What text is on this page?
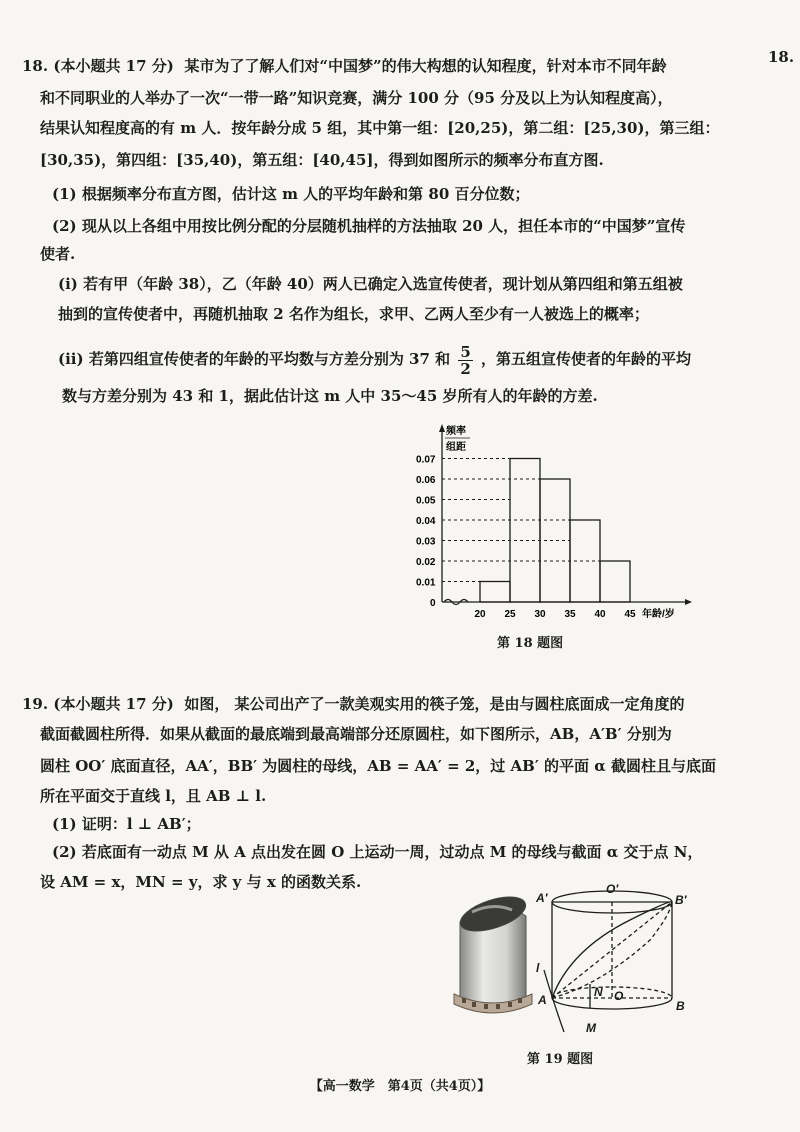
18.
18. (本小题共 17 分) 某市为了了解人们对“中国梦”的伟大构想的认知程度，针对本市不同年龄
和不同职业的人举办了一次“一带一路”知识竞赛，满分 100 分（95 分及以上为认知程度高），
结果认知程度高的有 m 人．按年龄分成 5 组，其中第一组：[20,25)，第二组：[25,30)，第三组：
[30,35)，第四组：[35,40)，第五组：[40,45]，得到如图所示的频率分布直方图.
(1) 根据频率分布直方图，估计这 m 人的平均年龄和第 80 百分位数；
(2) 现从以上各组中用按比例分配的分层随机抽样的方法抽取 20 人，担任本市的“中国梦”宣传
使者.
(i) 若有甲（年龄 38），乙（年龄 40）两人已确定入选宣传使者，现计划从第四组和第五组被
抽到的宣传使者中，再随机抽取 2 名作为组长，求甲、乙两人至少有一人被选上的概率；
(ii) 若第四组宣传使者的年龄的平均数与方差分别为 37 和 $\frac{5}{2}$ ，第五组宣传使者的年龄的平均
数与方差分别为 43 和 1，据此估计这 m 人中 35～45 岁所有人的年龄的方差.
频率
组距
0
0.01
0.02
0.03
0.04
0.05
0.06
0.07
20 25 30 35 40 45 年龄/岁
第 18 题图
19. (本小题共 17 分) 如图， 某公司出产了一款美观实用的筷子笼，是由与圆柱底面成一定角度的
截面截圆柱所得．如果从截面的最底端到最高端部分还原圆柱，如下图所示，AB，A′B′ 分别为
圆柱 OO′ 底面直径，AA′，BB′ 为圆柱的母线，AB = AA′ = 2，过 AB′ 的平面 α 截圆柱且与底面
所在平面交于直线 l，且 AB ⊥ l.
(1) 证明：l ⊥ AB′；
(2) 若底面有一动点 M 从 A 点出发在圆 O 上运动一周，过动点 M 的母线与截面 α 交于点 N，
设 AM = x，MN = y，求 y 与 x 的函数关系.
A′
O′
B′
A	B
O
N
M
l
第 19 题图
【高一数学　第4页（共4页）】
